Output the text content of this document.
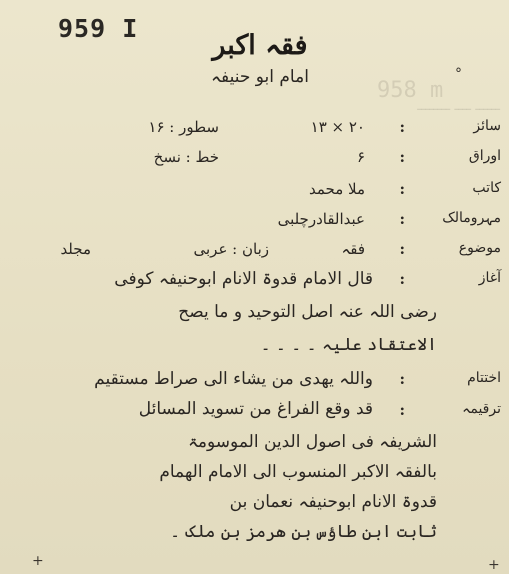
958 m
ــــــ ــــ ــــــــ
959 I
فقہ اکبر
امام ابو حنیفہ	°
سائز
:
۲۰ × ۱۳
سطور : ۱۶
اوراق
:
۶
خط : نسخ
کاتب
:
ملا محمد
مہرومالک
:
عبدالقادرچلبی
موضوع
:
فقہ
زبان : عربی
مجلد
آغاز
:
قال الامام قدوۃ الانام ابوحنیفہ کوفی
رضی اللہ عنہ اصل التوحید و ما یصح
الاعتقاد علیہ ۔ ۔ ۔ ۔
اختتام
:
واللہ یھدی من یشاء الی صراط مستقیم
ترقیمہ
:
قد وقع الفراغ من تسوید المسائل
الشریفہ فی اصول الدین الموسومۃ
بالفقہ الاکبر المنسوب الی الامام الھمام
قدوۃ الانام ابوحنیفہ نعمان بن
ثابت ابن طاؤس بن ھرمز بن ملک ۔
+	+
